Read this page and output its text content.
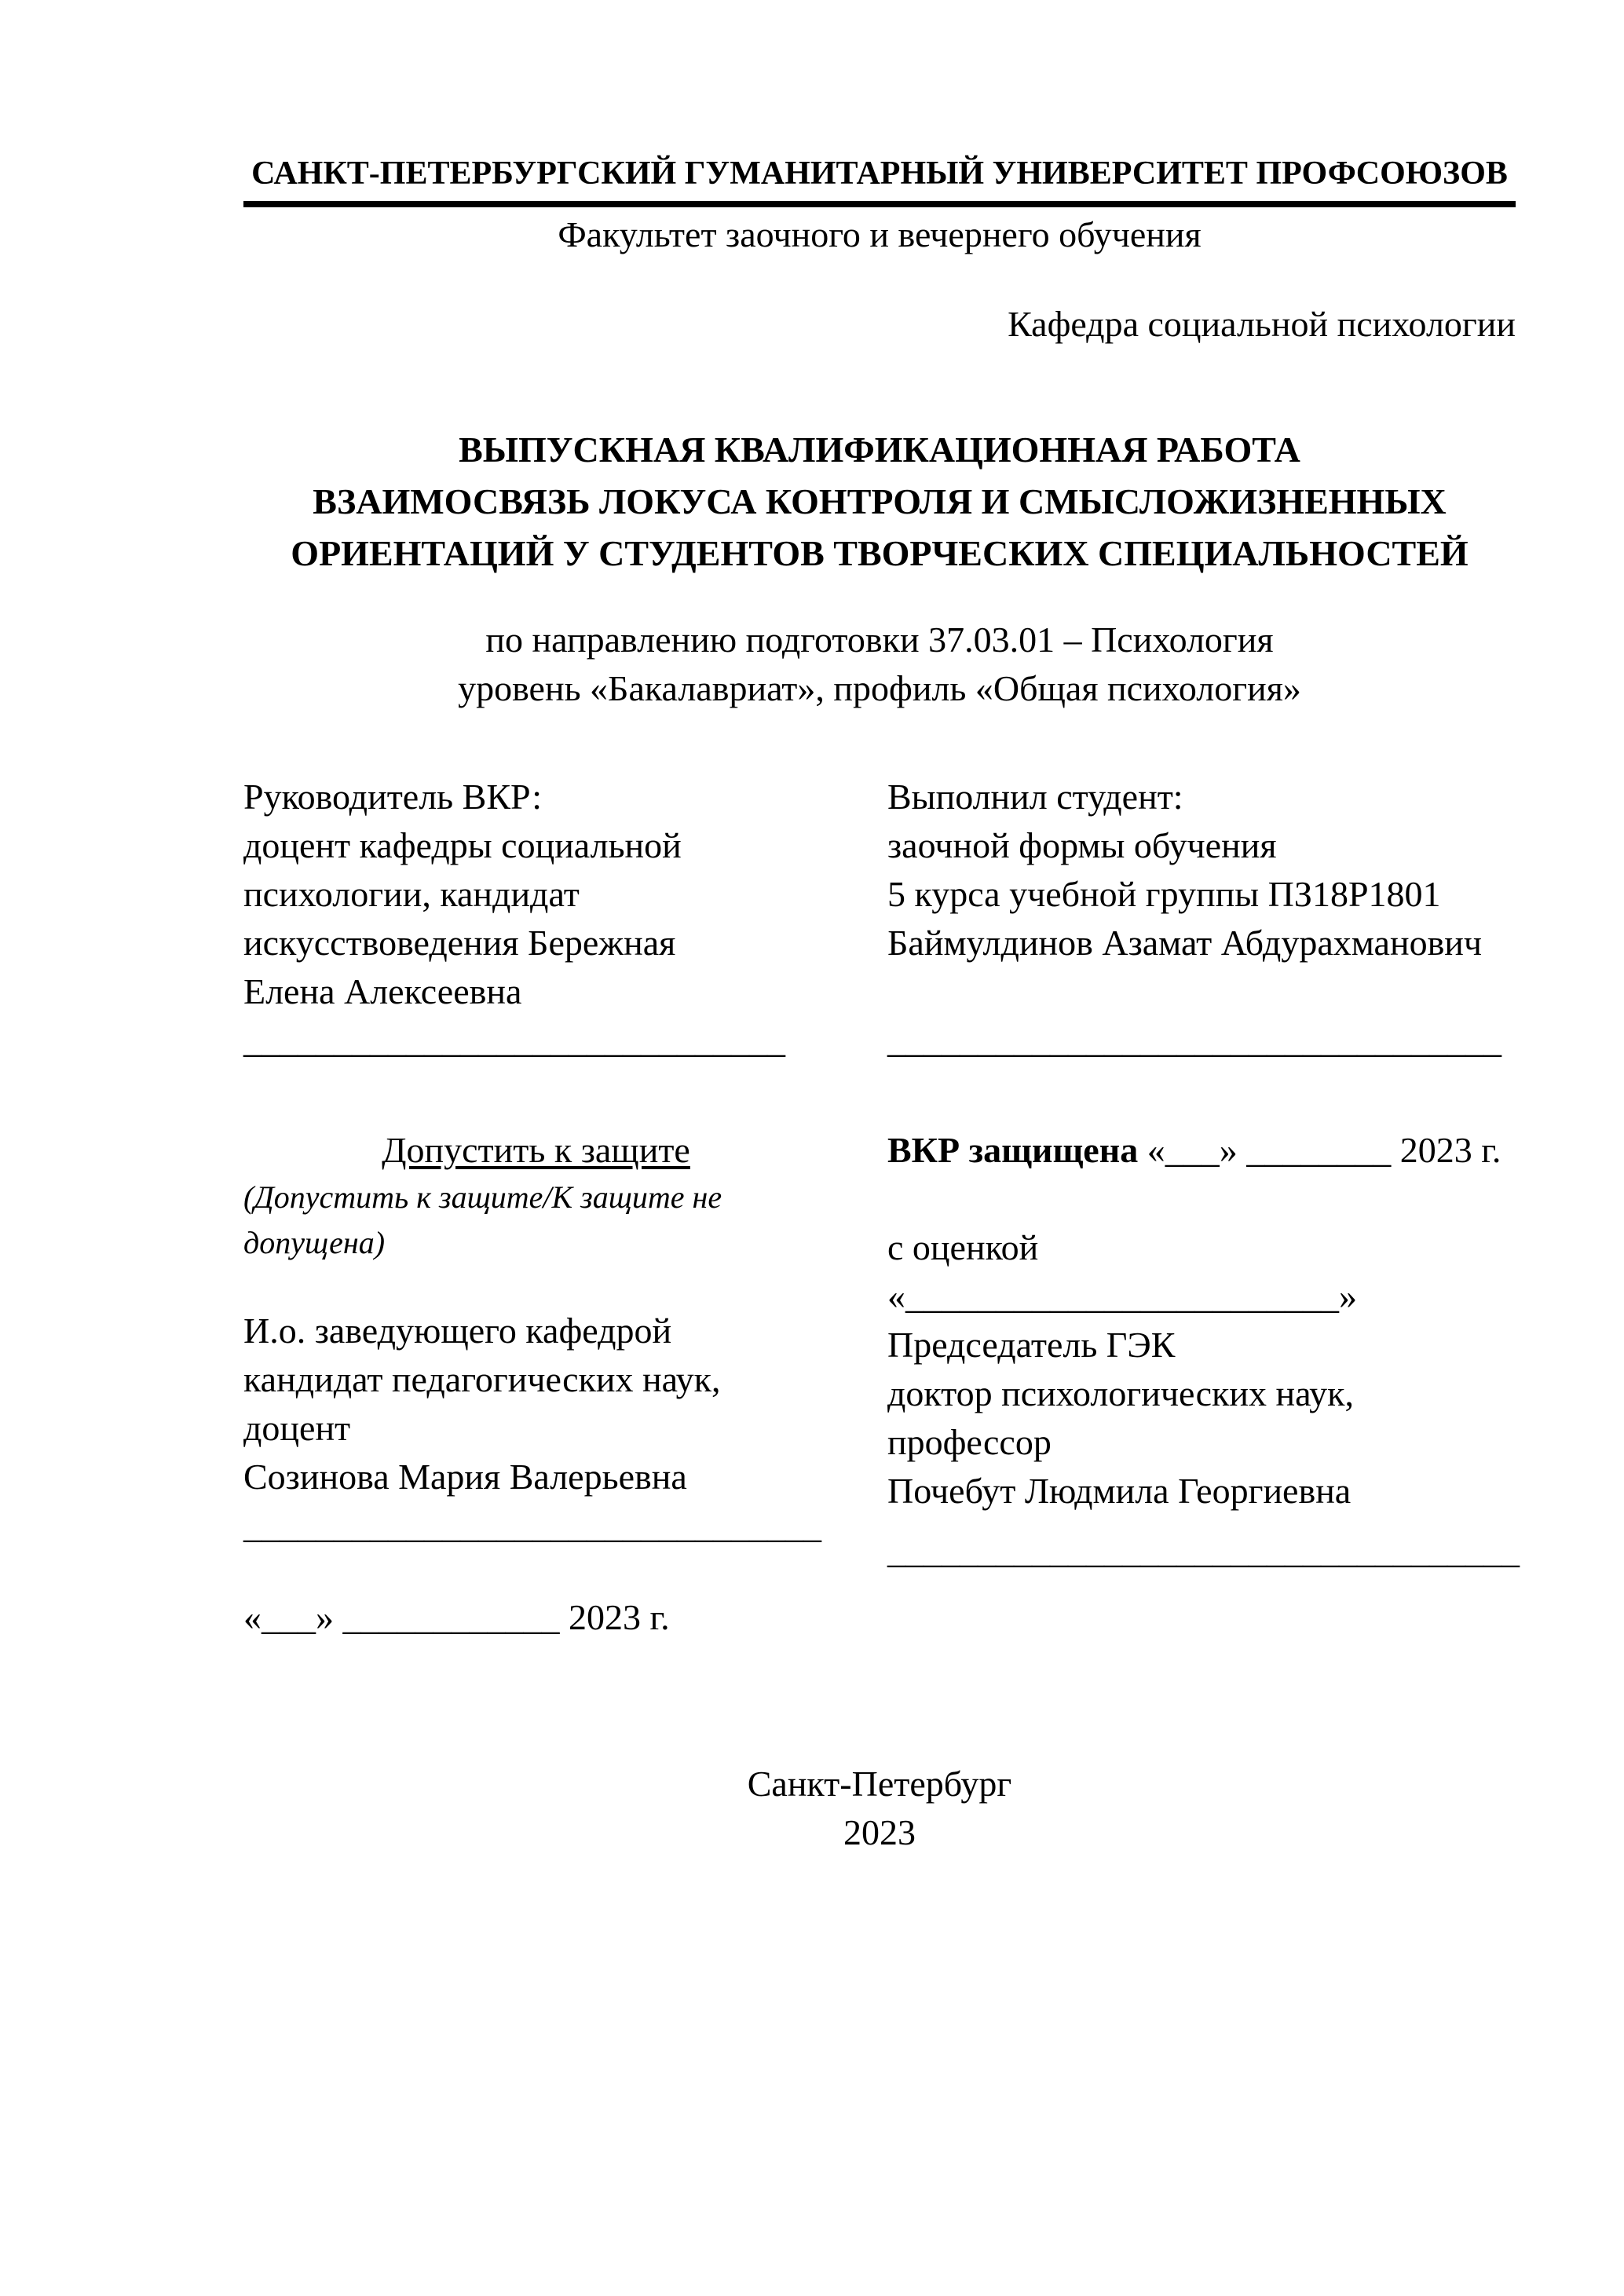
САНКТ-ПЕТЕРБУРГСКИЙ ГУМАНИТАРНЫЙ УНИВЕРСИТЕТ ПРОФСОЮЗОВ
Факультет заочного и вечернего обучения
Кафедра социальной психологии
ВЫПУСКНАЯ КВАЛИФИКАЦИОННАЯ РАБОТА
ВЗАИМОСВЯЗЬ ЛОКУСА КОНТРОЛЯ И СМЫСЛОЖИЗНЕННЫХ
ОРИЕНТАЦИЙ У СТУДЕНТОВ ТВОРЧЕСКИХ СПЕЦИАЛЬНОСТЕЙ
по направлению подготовки 37.03.01 – Психология
уровень «Бакалавриат», профиль «Общая психология»
Руководитель ВКР:
доцент кафедры социальной
психологии, кандидат
искусствоведения Бережная
Елена Алексеевна
______________________________
Выполнил студент:
заочной формы обучения
5 курса учебной группы ПЗ18Р1801
Баймулдинов Азамат Абдурахманович
__________________________________
Допустить к защите
(Допустить к защите/К защите не
допущена)
И.о. заведующего кафедрой
кандидат педагогических наук,
доцент
Созинова Мария Валерьевна
________________________________
«___» ____________ 2023 г.
ВКР защищена «___» ________ 2023 г.
с оценкой «________________________»
Председатель ГЭК
доктор психологических наук,
профессор
Почебут Людмила Георгиевна
___________________________________
Санкт-Петербург
2023
